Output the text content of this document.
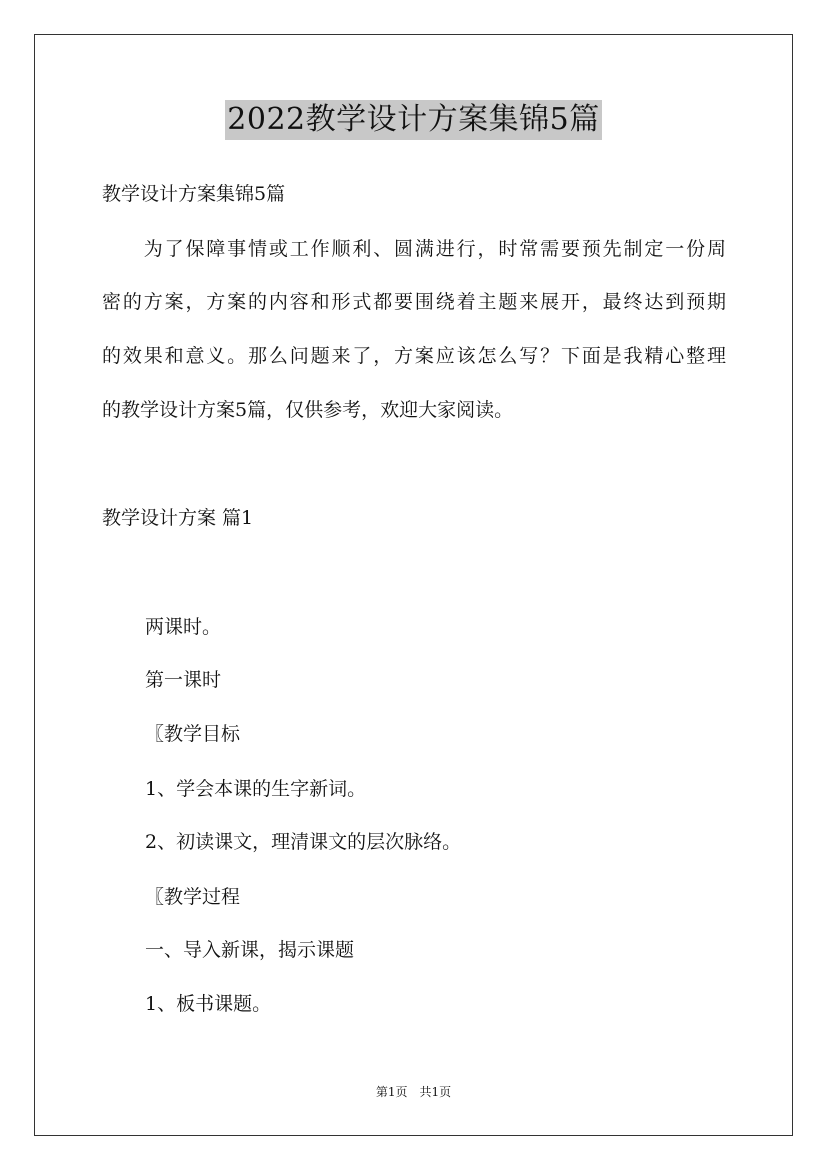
2022教学设计方案集锦5篇
教学设计方案集锦5篇
　　为了保障事情或工作顺利、圆满进行，时常需要预先制定一份周
密的方案，方案的内容和形式都要围绕着主题来展开，最终达到预期
的效果和意义。那么问题来了，方案应该怎么写？下面是我精心整理
的教学设计方案5篇，仅供参考，欢迎大家阅读。
教学设计方案 篇1
两课时。
第一课时
〖教学目标
1、学会本课的生字新词。
2、初读课文，理清课文的层次脉络。
〖教学过程
一、导入新课，揭示课题
1、板书课题。
第1页　共1页
